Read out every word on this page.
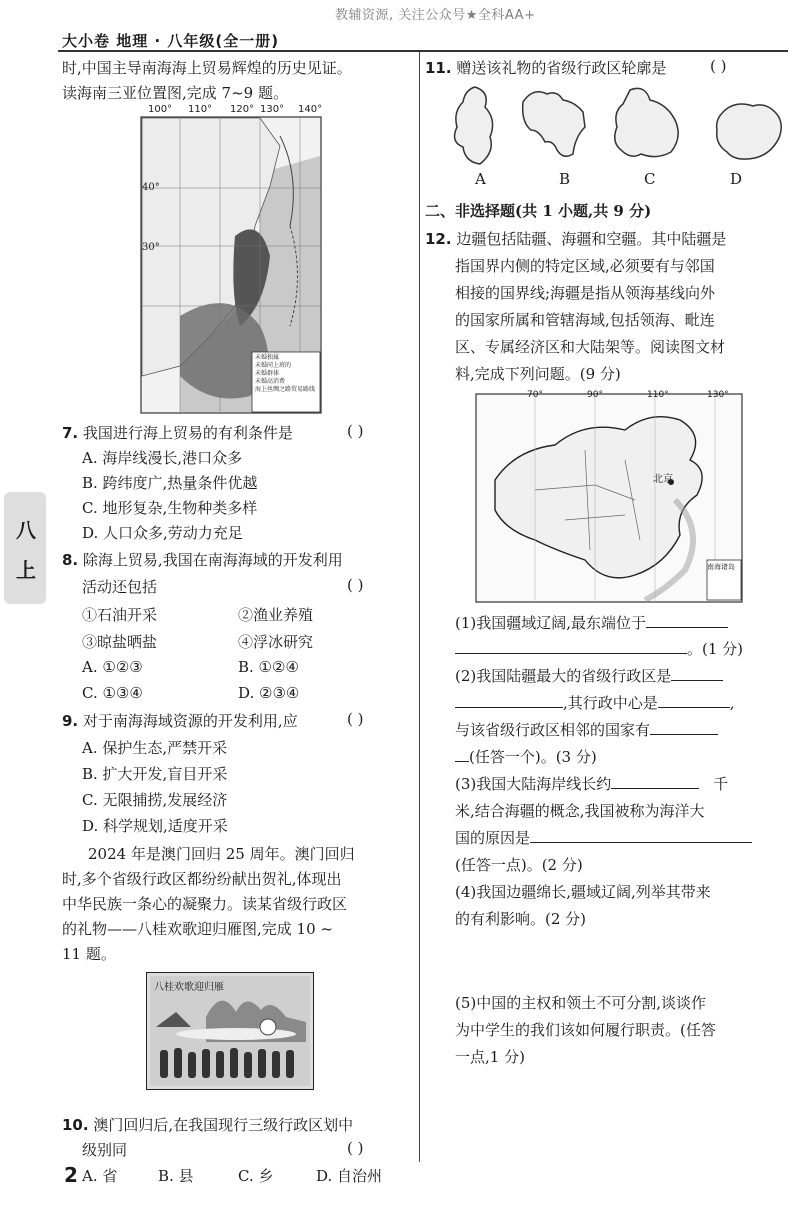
教辅资源, 关注公众号★全科AA+
大小卷 地理 · 八年级(全一册)
八
上
时,中国主导南海海上贸易辉煌的历史见证。
读海南三亚位置图,完成 7~9 题。
100° 110° 120° 130° 140°
40°
30°
未婚独属
未婚同上班的
未婚群体
未婚高消费
海上丝绸之路贸易路线
7. 我国进行海上贸易的有利条件是	( )
A. 海岸线漫长,港口众多
B. 跨纬度广,热量条件优越
C. 地形复杂,生物种类多样
D. 人口众多,劳动力充足
8. 除海上贸易,我国在南海海域的开发利用
活动还包括	( )
①石油开采	②渔业养殖
③晾盐晒盐	④浮冰研究
A. ①②③	B. ①②④
C. ①③④	D. ②③④
9. 对于南海海域资源的开发利用,应	( )
A. 保护生态,严禁开采
B. 扩大开发,盲目开采
C. 无限捕捞,发展经济
D. 科学规划,适度开采
2024 年是澳门回归 25 周年。澳门回归
时,多个省级行政区都纷纷献出贺礼,体现出
中华民族一条心的凝聚力。读某省级行政区
的礼物——八桂欢歌迎归雁图,完成 10 ~
11 题。
八桂欢歌迎归雁
10. 澳门回归后,在我国现行三级行政区划中
级别同	( )
A. 省	B. 县	C. 乡	D. 自治州
2
11. 赠送该礼物的省级行政区轮廓是	( )
A	B	C	D
二、非选择题(共 1 小题,共 9 分)
12. 边疆包括陆疆、海疆和空疆。其中陆疆是
指国界内侧的特定区域,必须要有与邻国
相接的国界线;海疆是指从领海基线向外
的国家所属和管辖海域,包括领海、毗连
区、专属经济区和大陆架等。阅读图文材
料,完成下列问题。(9 分)
70°	90°	110°	130°
北京
南海诸岛
(1)我国疆域辽阔,最东端位于
。(1 分)
(2)我国陆疆最大的省级行政区是
,其行政中心是	,
与该省级行政区相邻的国家有
(任答一个)。(3 分)
(3)我国大陆海岸线长约	千
米,结合海疆的概念,我国被称为海洋大
国的原因是
(任答一点)。(2 分)
(4)我国边疆绵长,疆域辽阔,列举其带来
的有利影响。(2 分)
(5)中国的主权和领土不可分割,谈谈作
为中学生的我们该如何履行职责。(任答
一点,1 分)
